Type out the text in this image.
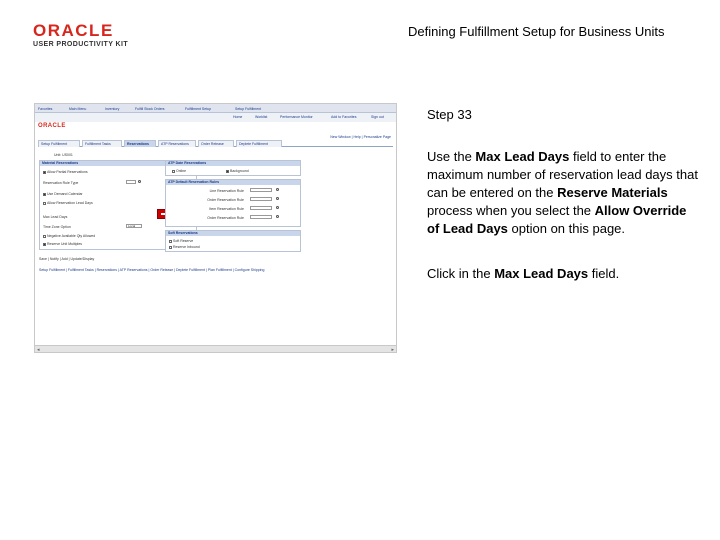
ORACLE
USER PRODUCTIVITY KIT
Defining Fulfillment Setup for Business Units
Favorites	Main Menu	Inventory	Fulfill Stock Orders	Fulfillment Setup	Setup Fulfillment
Home	Worklist	Performance Monitor	Add to Favorites	Sign out
ORACLE
New Window | Help | Personalize Page
Setup Fulfillment	Fulfillment Tasks	Reservations	ATP Reservations	Order Release	Deplete Fulfillment
Unit: US001
Material Reservations
Allow Partial Reservations
Reservation Rule Type
Use Demand Calendar
Allow Reservation Lead Days
Max Lead Days
Time Zone Option	Local
Negative Available Qty Allowed
Reserve Unit Multiples
ATP Date Reservations
Online	Background
ATP Default Reservation Rules
Line Reservation Rule
Order Reservation Rule
Item Reservation Rule
Order Reservation Rule
Soft Reservations
Soft Reserve
Reserve Inbound
Save | Notify | Add | Update/Display
Setup Fulfillment | Fulfillment Tasks | Reservations | ATP Reservations | Order Release | Deplete Fulfillment | Plan Fulfillment | Configure Shipping
◂	▸
Step 33
Use the Max Lead Days field to enter the maximum number of reservation lead days that can be entered on the Reserve Materials process when you select the Allow Override of Lead Days option on this page.
Click in the Max Lead Days field.
